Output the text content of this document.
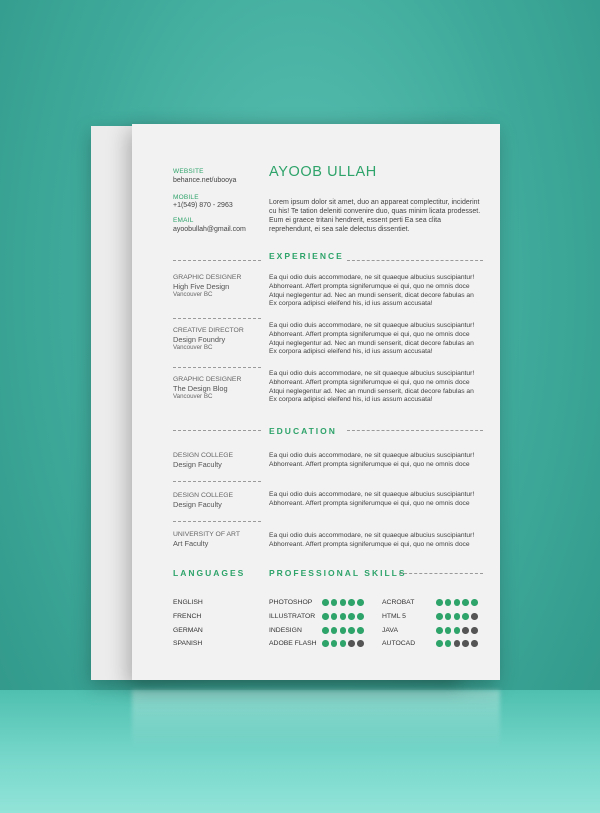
WEBSITE
behance.net/ubooya
MOBILE
+1(549) 870 - 2963
EMAIL
ayoobullah@gmail.com
AYOOB ULLAH
Lorem ipsum dolor sit amet, duo an appareat complectitur, inciderint cu his! Te tation deleniti convenire duo, quas minim licata prodesset. Eum ei graece tritani hendrerit, essent perti Ea sea clita reprehendunt, ei sea sale delectus dissentiet.
EXPERIENCE
GRAPHIC DESIGNER
High Five Design
Vancouver BC
Ea qui odio duis accommodare, ne sit quaeque albucius suscipiantur! Abhorreant. Affert prompta signiferumque ei qui, quo ne omnis doce Atqui neglegentur ad. Nec an mundi senserit, dicat decore fabulas an Ex corpora adipisci eleifend his, id ius assum accusata!
CREATIVE DIRECTOR
Design Foundry
Vancouver BC
Ea qui odio duis accommodare, ne sit quaeque albucius suscipiantur! Abhorreant. Affert prompta signiferumque ei qui, quo ne omnis doce Atqui neglegentur ad. Nec an mundi senserit, dicat decore fabulas an Ex corpora adipisci eleifend his, id ius assum accusata!
GRAPHIC DESIGNER
The Design Blog
Vancouver BC
Ea qui odio duis accommodare, ne sit quaeque albucius suscipiantur! Abhorreant. Affert prompta signiferumque ei qui, quo ne omnis doce Atqui neglegentur ad. Nec an mundi senserit, dicat decore fabulas an Ex corpora adipisci eleifend his, id ius assum accusata!
EDUCATION
DESIGN COLLEGE
Design Faculty
Ea qui odio duis accommodare, ne sit quaeque albucius suscipiantur! Abhorreant. Affert prompta signiferumque ei qui, quo ne omnis doce
DESIGN COLLEGE
Design Faculty
Ea qui odio duis accommodare, ne sit quaeque albucius suscipiantur! Abhorreant. Affert prompta signiferumque ei qui, quo ne omnis doce
UNIVERSITY OF ART
Art Faculty
Ea qui odio duis accommodare, ne sit quaeque albucius suscipiantur! Abhorreant. Affert prompta signiferumque ei qui, quo ne omnis doce
LANGUAGES	PROFESSIONAL SKILLS
ENGLISH
FRENCH
GERMAN
SPANISH
PHOTOSHOP
ILLUSTRATOR
INDESIGN
ADOBE FLASH
ACROBAT
HTML 5
JAVA
AUTOCAD
